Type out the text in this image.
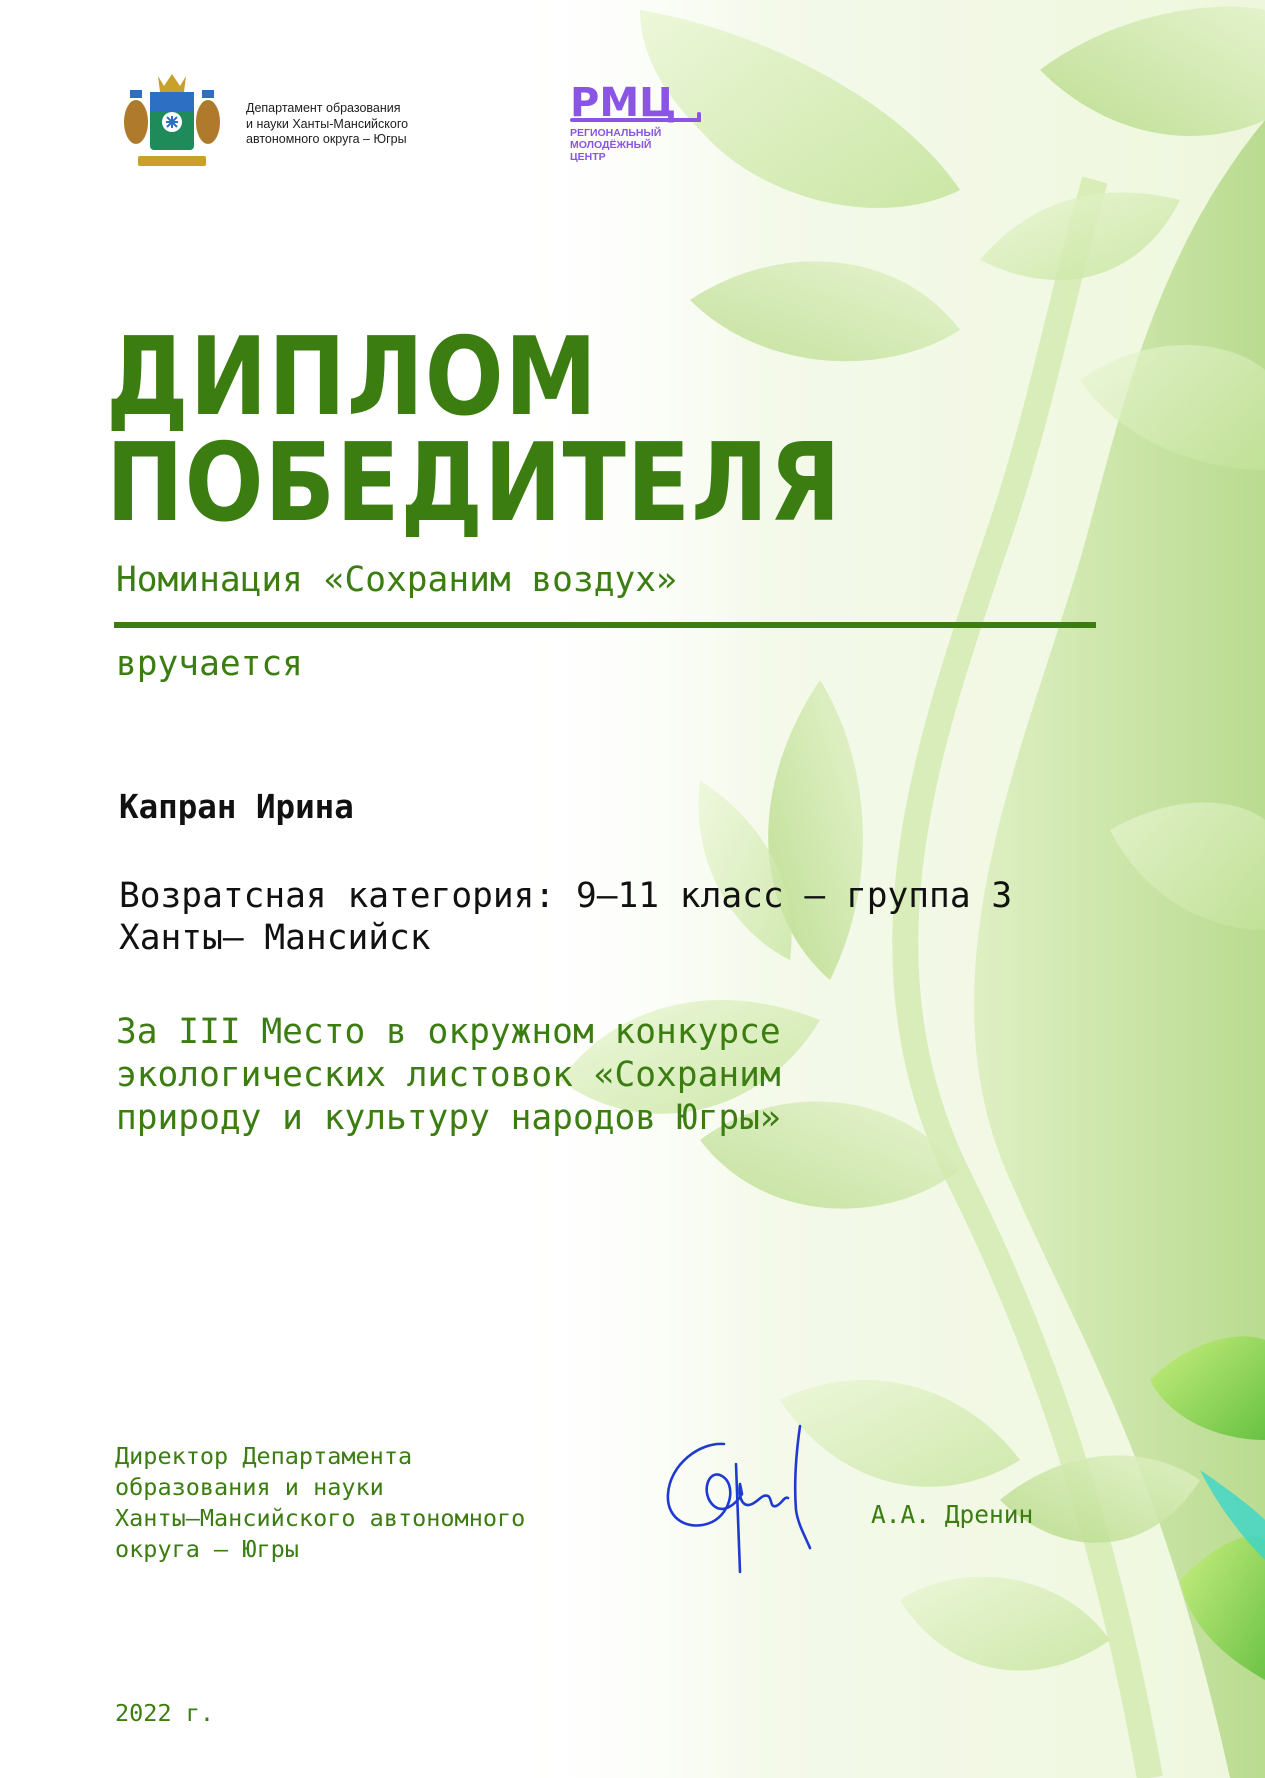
Департамент образования
и науки Ханты-Мансийского
автономного округа – Югры

РМЦ

РЕГИОНАЛЬНЫЙ
МОЛОДЁЖНЫЙ
ЦЕНТР

ДИПЛОМ
ПОБЕДИТЕЛЯ

Номинация «Сохраним воздух»

вручается

Капран Ирина

Возратсная категория: 9–11 класс – группа 3
Ханты– Мансийск

За III Место в окружном конкурсе
экологических листовок «Сохраним
природу и культуру народов Югры»

Директор Департамента
образования и науки
Ханты–Мансийского автономного
округа – Югры

А.А. Дренин

2022 г.
